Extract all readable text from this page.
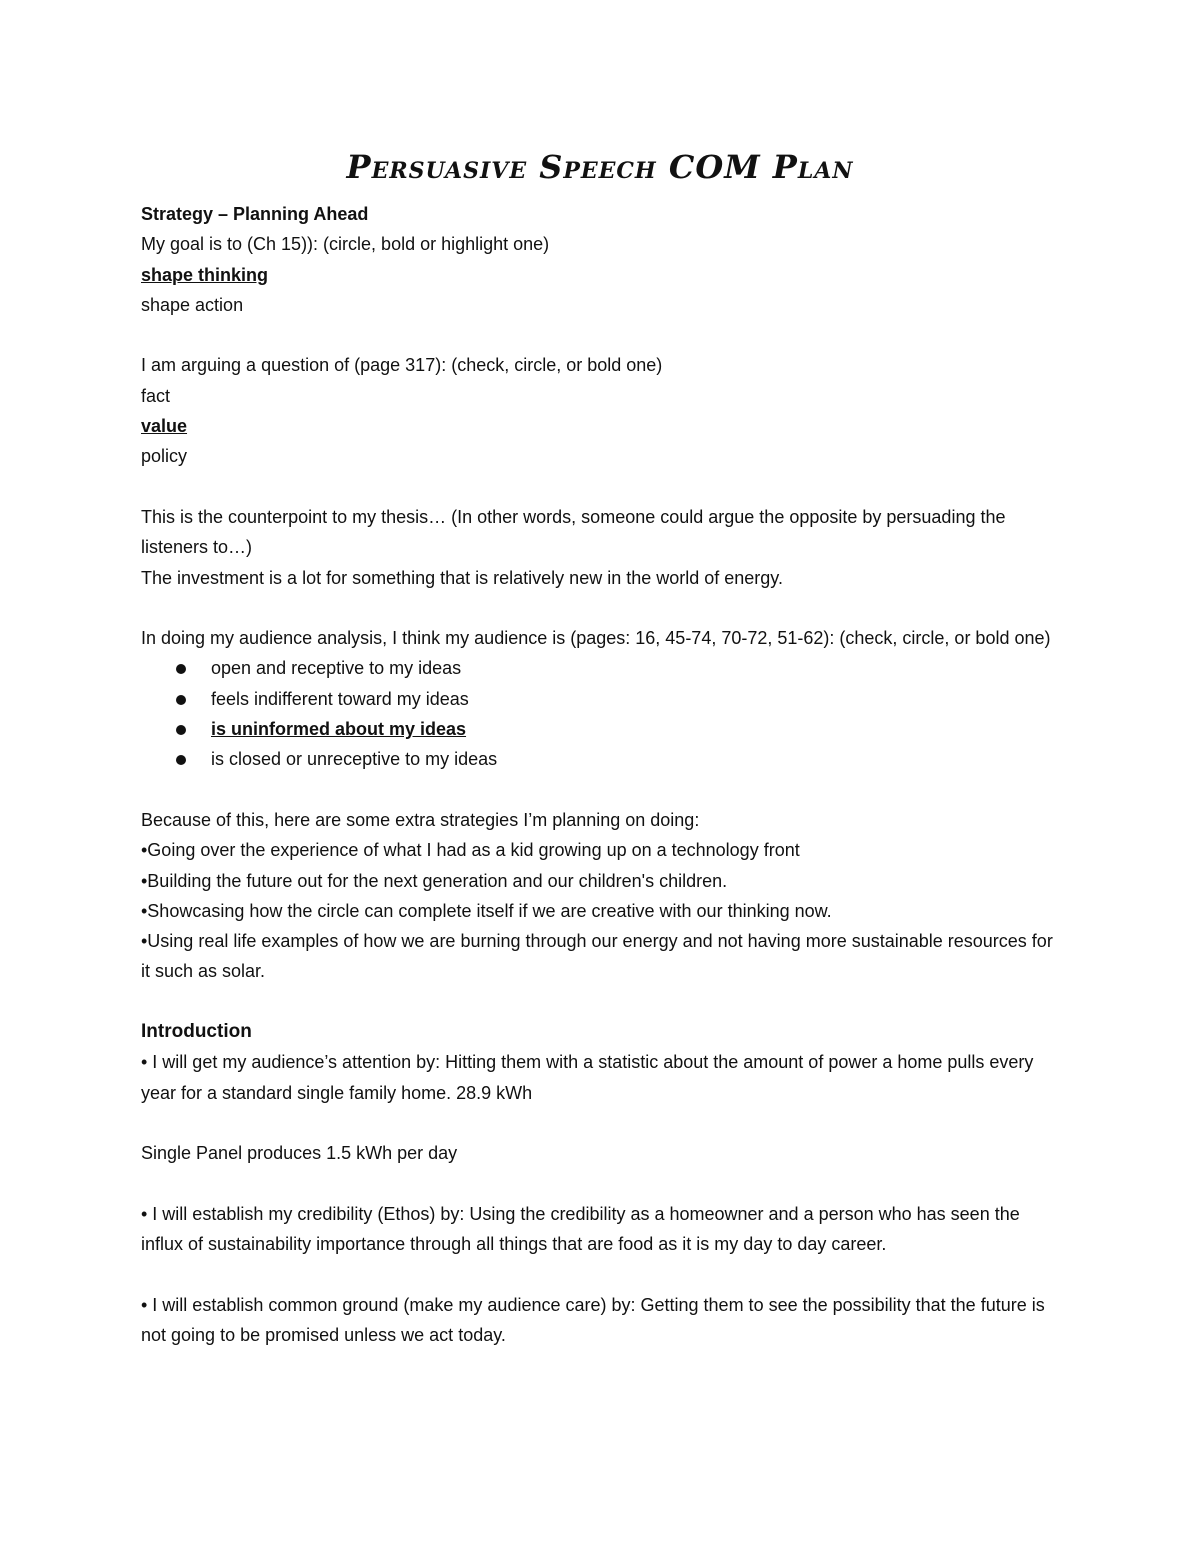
Persuasive Speech COM Plan
Strategy – Planning Ahead
My goal is to (Ch 15)): (circle, bold or highlight one)
shape thinking
shape action
I am arguing a question of (page 317): (check, circle, or bold one)
fact
value
policy
This is the counterpoint to my thesis… (In other words, someone could argue the opposite by persuading the listeners to…)
The investment is a lot for something that is relatively new in the world of energy.
In doing my audience analysis, I think my audience is (pages: 16, 45-74, 70-72, 51-62): (check, circle, or bold one)
open and receptive to my ideas
feels indifferent toward my ideas
is uninformed about my ideas
is closed or unreceptive to my ideas
Because of this, here are some extra strategies I’m planning on doing:
•Going over the experience of what I had as a kid growing up on a technology front
•Building the future out for the next generation and our children's children.
•Showcasing how the circle can complete itself if we are creative with our thinking now.
•Using real life examples of how we are burning through our energy and not having more sustainable resources for it such as solar.
Introduction
• I will get my audience’s attention by: Hitting them with a statistic about the amount of power a home pulls every year for a standard single family home. 28.9 kWh
Single Panel produces 1.5 kWh per day
• I will establish my credibility (Ethos) by: Using the credibility as a homeowner and a person who has seen the influx of sustainability importance through all things that are food as it is my day to day career.
• I will establish common ground (make my audience care) by: Getting them to see the possibility that the future is not going to be promised unless we act today.
